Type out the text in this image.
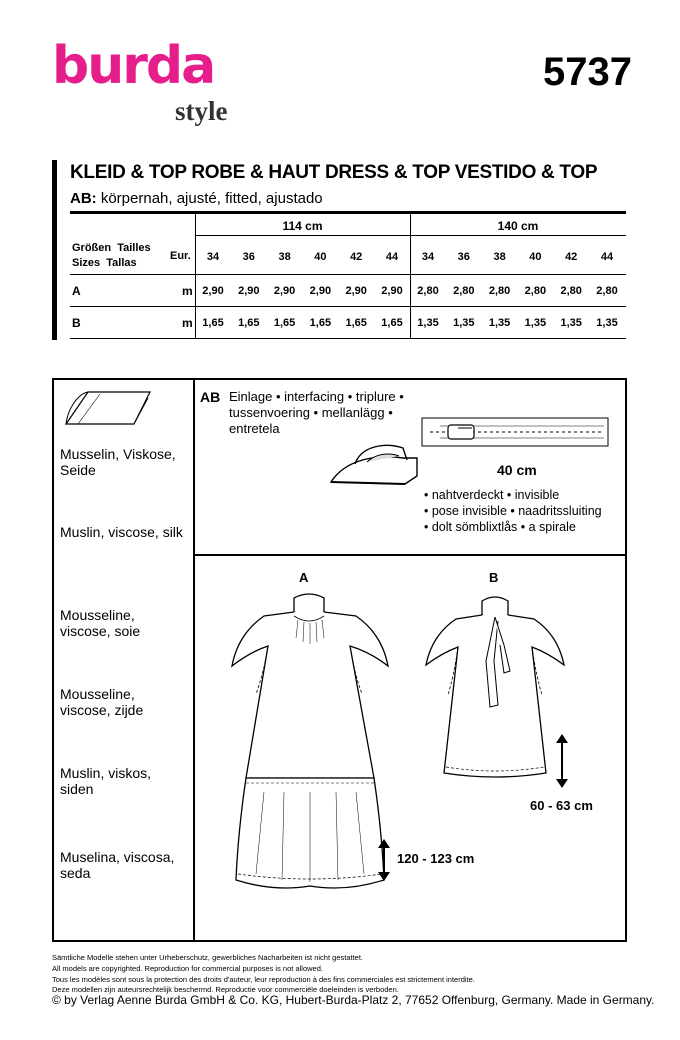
burda
style
5737
KLEID & TOP ROBE & HAUT DRESS & TOP VESTIDO & TOP
AB: körpernah, ajusté, fitted, ajustado
114 cm	140 cm
Größen  Tailles
Sizes  Tallas
Eur.	34	36	38	40	42	44	34	36	38	40	42	44
A	m 2,90	2,90	2,90	2,90	2,90	2,90	2,80	2,80	2,80	2,80	2,80	2,80
B	m 1,65	1,65	1,65	1,65	1,65	1,65	1,35	1,35	1,35	1,35	1,35	1,35
Musselin, Viskose, Seide
Muslin, viscose, silk
Mousseline, viscose, soie
Mousseline, viscose, zijde
Muslin, viskos, siden
Muselina, viscosa, seda
AB Einlage • interfacing • triplure •
tussenvoering • mellanlägg •
entretela
40 cm
• nahtverdeckt • invisible
• pose invisible • naadritssluiting
• dolt sömblixtlås • a spirale
A	B
120 - 123 cm
60 - 63 cm
Sämtliche Modelle stehen unter Urheberschutz, gewerbliches Nacharbeiten ist nicht gestattet.
All models are copyrighted. Reproduction for commercial purposes is not allowed.
Tous les modèles sont sous la protection des droits d'auteur, leur reproduction à des fins commerciales est strictement interdite.
Deze modellen zijn auteursrechtelijk beschermd. Reproductie voor commerciële doeleinden is verboden.
© by Verlag Aenne Burda GmbH & Co. KG, Hubert-Burda-Platz 2, 77652 Offenburg, Germany. Made in Germany.
